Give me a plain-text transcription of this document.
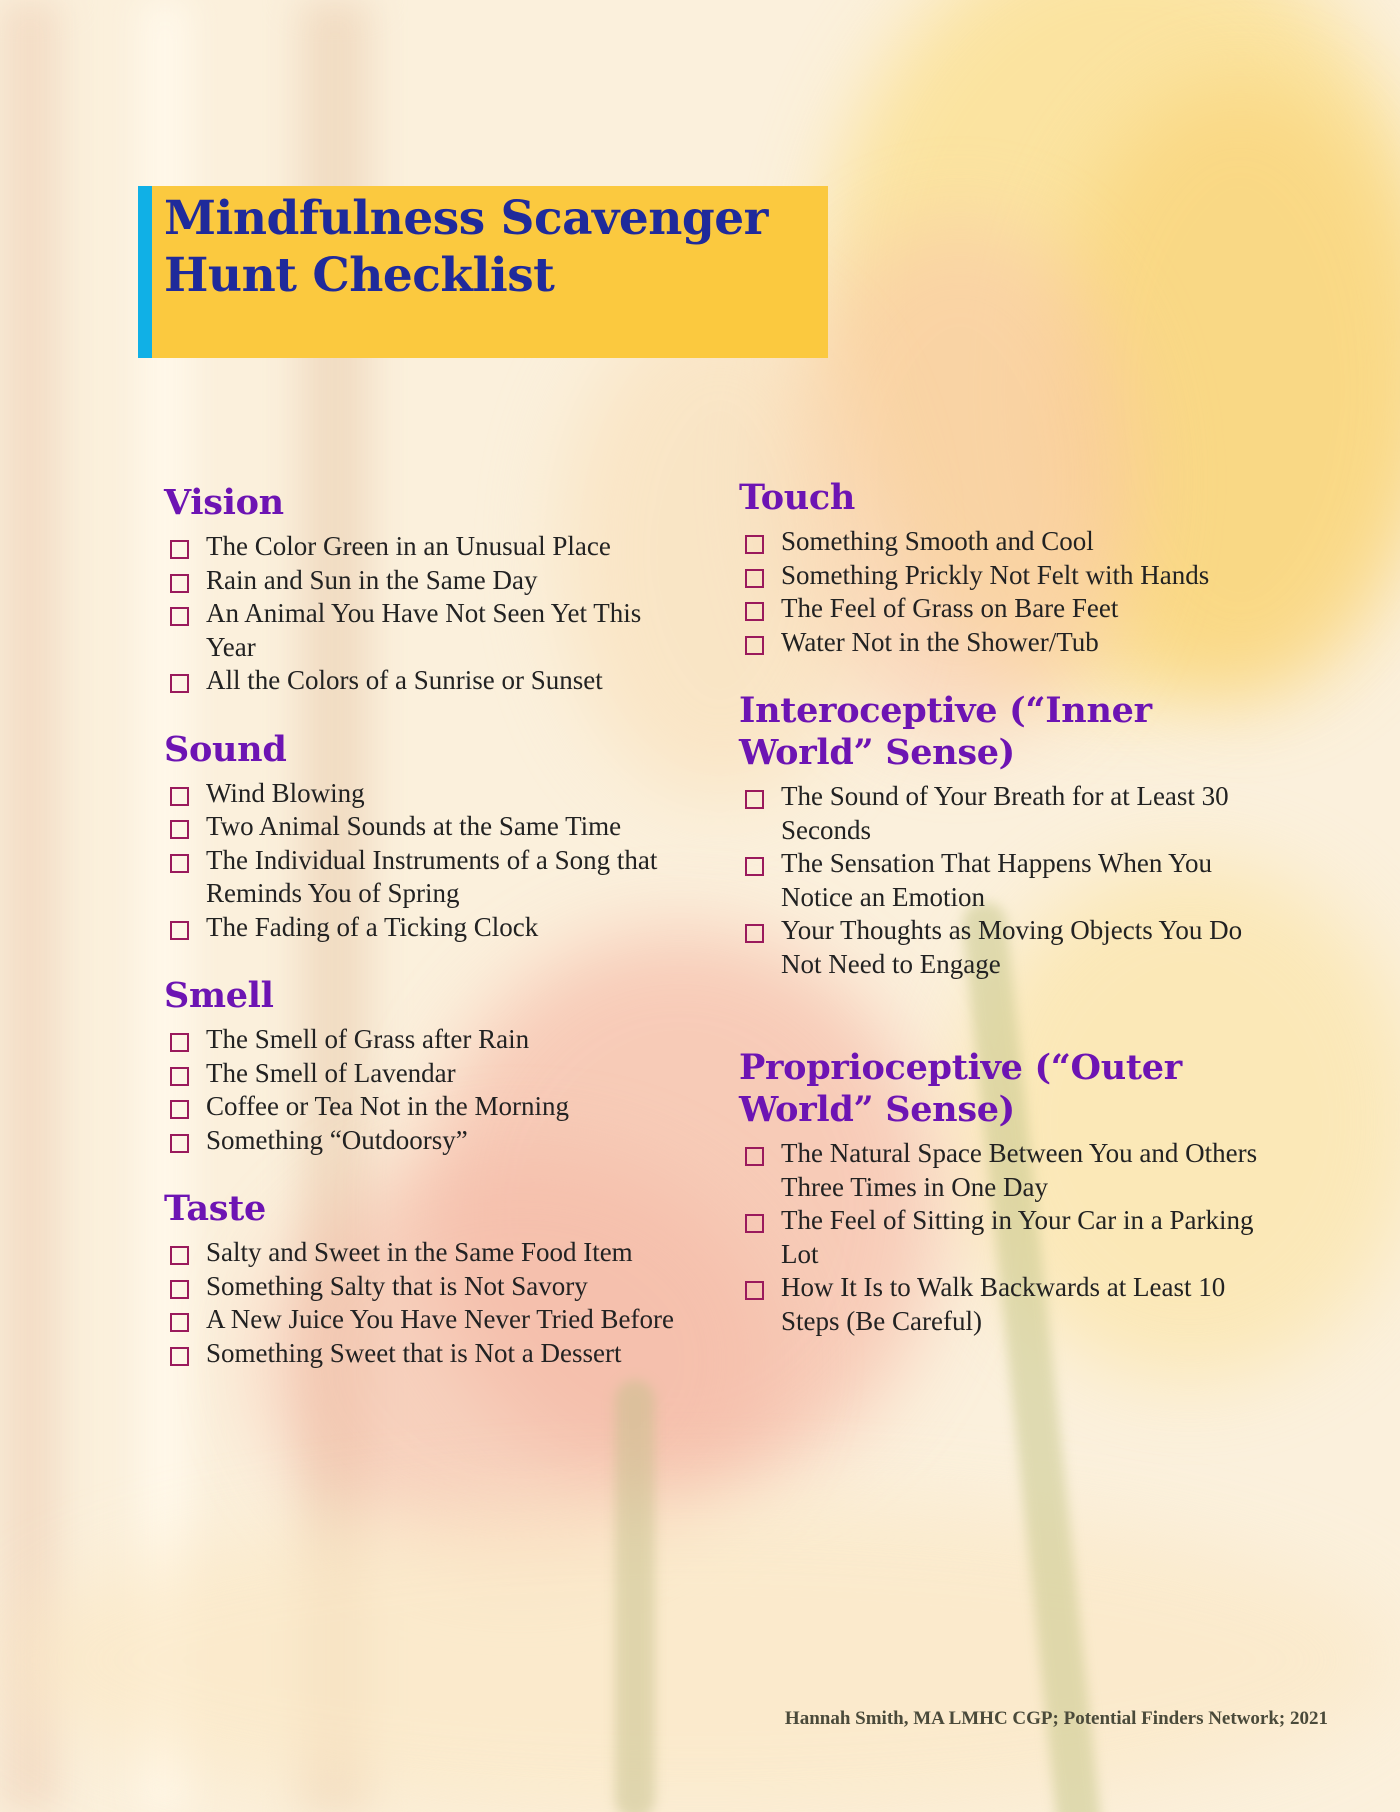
Mindfulness Scavenger Hunt Checklist
Vision
The Color Green in an Unusual Place
Rain and Sun in the Same Day
An Animal You Have Not Seen Yet This Year
All the Colors of a Sunrise or Sunset
Sound
Wind Blowing
Two Animal Sounds at the Same Time
The Individual Instruments of a Song that Reminds You of Spring
The Fading of a Ticking Clock
Smell
The Smell of Grass after Rain
The Smell of Lavendar
Coffee or Tea Not in the Morning
Something “Outdoorsy”
Taste
Salty and Sweet in the Same Food Item
Something Salty that is Not Savory
A New Juice You Have Never Tried Before
Something Sweet that is Not a Dessert
Touch
Something Smooth and Cool
Something Prickly Not Felt with Hands
The Feel of Grass on Bare Feet
Water Not in the Shower/Tub
Interoceptive (“Inner World” Sense)
The Sound of Your Breath for at Least 30 Seconds
The Sensation That Happens When You Notice an Emotion
Your Thoughts as Moving Objects You Do Not Need to Engage
Proprioceptive (“Outer World” Sense)
The Natural Space Between You and Others Three Times in One Day
The Feel of Sitting in Your Car in a Parking Lot
How It Is to Walk Backwards at Least 10 Steps (Be Careful)
Hannah Smith, MA LMHC CGP; Potential Finders Network; 2021
